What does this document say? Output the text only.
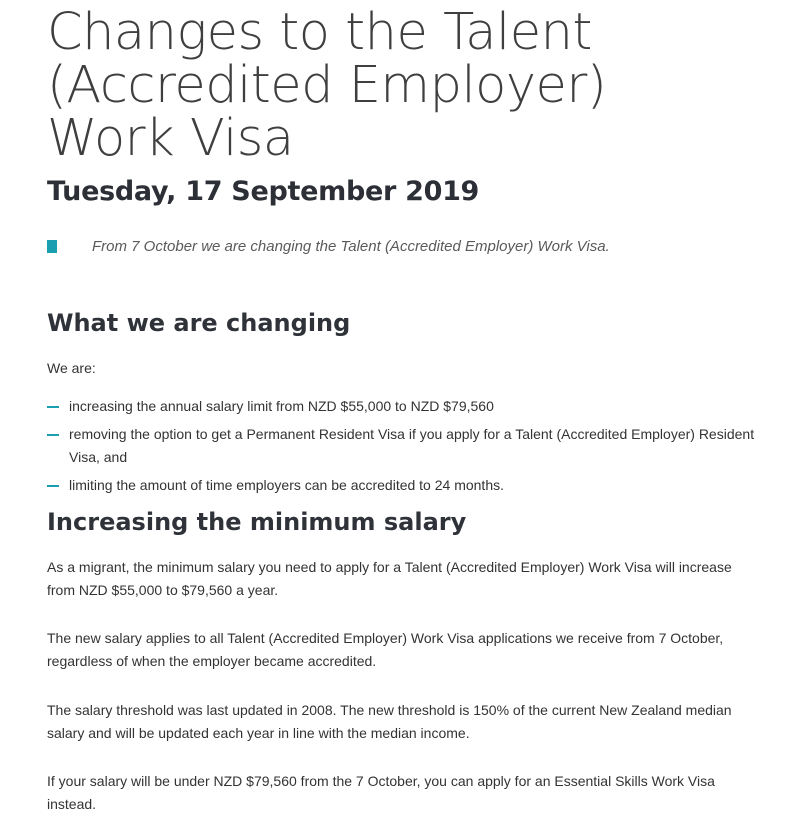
Changes to the Talent (Accredited Employer) Work Visa
Tuesday, 17 September 2019
From 7 October we are changing the Talent (Accredited Employer) Work Visa.
What we are changing

We are:

increasing the annual salary limit from NZD $55,000 to NZD $79,560
removing the option to get a Permanent Resident Visa if you apply for a Talent (Accredited Employer) Resident Visa, and
limiting the amount of time employers can be accredited to 24 months.
Increasing the minimum salary

As a migrant, the minimum salary you need to apply for a Talent (Accredited Employer) Work Visa will increase from NZD $55,000 to $79,560 a year.

The new salary applies to all Talent (Accredited Employer) Work Visa applications we receive from 7 October, regardless of when the employer became accredited.

The salary threshold was last updated in 2008. The new threshold is 150% of the current New Zealand median salary and will be updated each year in line with the median income.

If your salary will be under NZD $79,560 from the 7 October, you can apply for an Essential Skills Work Visa instead.
